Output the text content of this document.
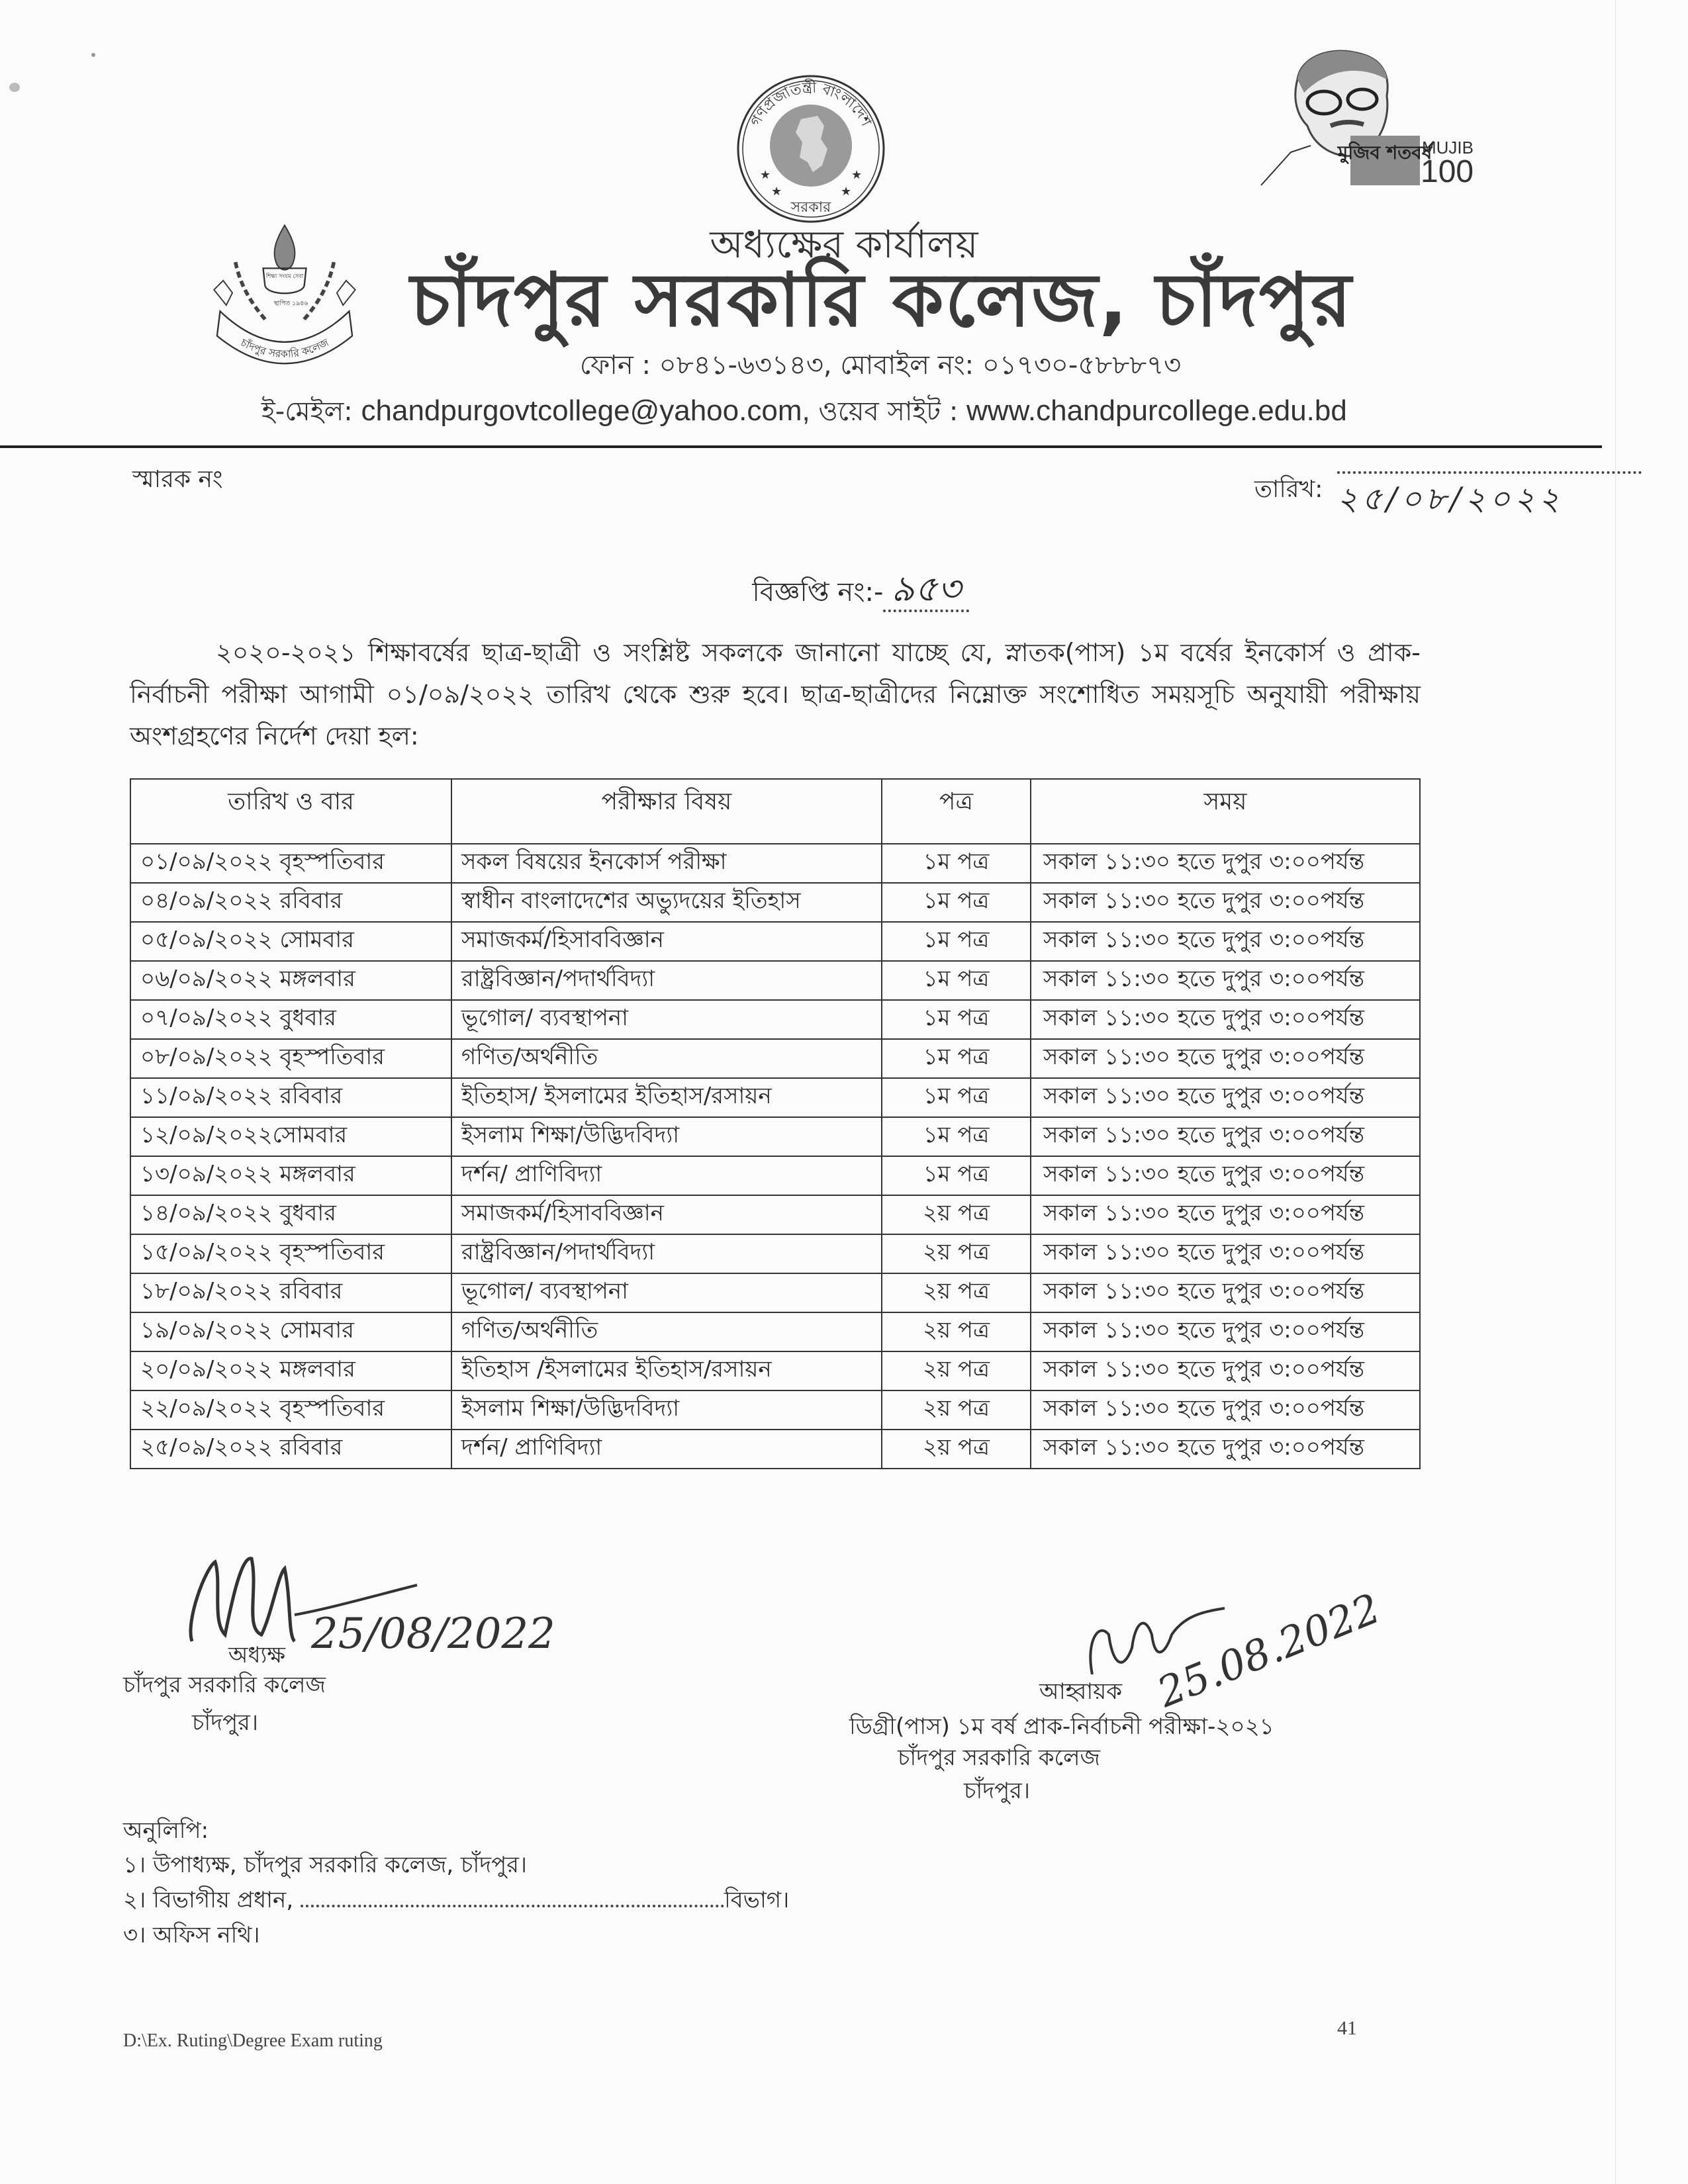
গণপ্রজাতন্ত্রী বাংলাদেশ
সরকার
★	★
★	★
শিক্ষা সংযম সেবা
স্থাপিত ১৯৪৬
চাঁদপুর সরকারি কলেজ
মুজিব শতবর্ষ
MUJIB
100
অধ্যক্ষের কার্যালয়
চাঁদপুর সরকারি কলেজ, চাঁদপুর
ফোন : ০৮৪১-৬৩১৪৩, মোবাইল নং: ০১৭৩০-৫৮৮৮৭৩
ই-মেইল: chandpurgovtcollege@yahoo.com, ওয়েব সাইট : www.chandpurcollege.edu.bd
স্মারক নং	তারিখ: ২৫/০৮/২০২২
বিজ্ঞপ্তি নং:- ৯৫৩
২০২০-২০২১ শিক্ষাবর্ষের ছাত্র-ছাত্রী ও সংশ্লিষ্ট সকলকে জানানো যাচ্ছে যে, স্নাতক(পাস) ১ম বর্ষের ইনকোর্স ও প্রাক-নির্বাচনী পরীক্ষা আগামী ০১/০৯/২০২২ তারিখ থেকে শুরু হবে। ছাত্র-ছাত্রীদের নিম্নোক্ত সংশোধিত সময়সূচি অনুযায়ী পরীক্ষায় অংশগ্রহণের নির্দেশ দেয়া হল:
তারিখ ও বার	পরীক্ষার বিষয়	পত্র	সময়
০১/০৯/২০২২ বৃহস্পতিবার	সকল বিষয়ের ইনকোর্স পরীক্ষা	১ম পত্র	সকাল ১১:৩০ হতে দুপুর ৩:০০পর্যন্ত
০৪/০৯/২০২২ রবিবার	স্বাধীন বাংলাদেশের অভ্যুদয়ের ইতিহাস	১ম পত্র	সকাল ১১:৩০ হতে দুপুর ৩:০০পর্যন্ত
০৫/০৯/২০২২ সোমবার	সমাজকর্ম/হিসাববিজ্ঞান	১ম পত্র	সকাল ১১:৩০ হতে দুপুর ৩:০০পর্যন্ত
০৬/০৯/২০২২ মঙ্গলবার	রাষ্ট্রবিজ্ঞান/পদার্থবিদ্যা	১ম পত্র	সকাল ১১:৩০ হতে দুপুর ৩:০০পর্যন্ত
০৭/০৯/২০২২ বুধবার	ভূগোল/ ব্যবস্থাপনা	১ম পত্র	সকাল ১১:৩০ হতে দুপুর ৩:০০পর্যন্ত
০৮/০৯/২০২২ বৃহস্পতিবার	গণিত/অর্থনীতি	১ম পত্র	সকাল ১১:৩০ হতে দুপুর ৩:০০পর্যন্ত
১১/০৯/২০২২ রবিবার	ইতিহাস/ ইসলামের ইতিহাস/রসায়ন	১ম পত্র	সকাল ১১:৩০ হতে দুপুর ৩:০০পর্যন্ত
১২/০৯/২০২২সোমবার	ইসলাম শিক্ষা/উদ্ভিদবিদ্যা	১ম পত্র	সকাল ১১:৩০ হতে দুপুর ৩:০০পর্যন্ত
১৩/০৯/২০২২ মঙ্গলবার	দর্শন/ প্রাণিবিদ্যা	১ম পত্র	সকাল ১১:৩০ হতে দুপুর ৩:০০পর্যন্ত
১৪/০৯/২০২২ বুধবার	সমাজকর্ম/হিসাববিজ্ঞান	২য় পত্র	সকাল ১১:৩০ হতে দুপুর ৩:০০পর্যন্ত
১৫/০৯/২০২২ বৃহস্পতিবার	রাষ্ট্রবিজ্ঞান/পদার্থবিদ্যা	২য় পত্র	সকাল ১১:৩০ হতে দুপুর ৩:০০পর্যন্ত
১৮/০৯/২০২২ রবিবার	ভূগোল/ ব্যবস্থাপনা	২য় পত্র	সকাল ১১:৩০ হতে দুপুর ৩:০০পর্যন্ত
১৯/০৯/২০২২ সোমবার	গণিত/অর্থনীতি	২য় পত্র	সকাল ১১:৩০ হতে দুপুর ৩:০০পর্যন্ত
২০/০৯/২০২২ মঙ্গলবার	ইতিহাস /ইসলামের ইতিহাস/রসায়ন	২য় পত্র	সকাল ১১:৩০ হতে দুপুর ৩:০০পর্যন্ত
২২/০৯/২০২২ বৃহস্পতিবার	ইসলাম শিক্ষা/উদ্ভিদবিদ্যা	২য় পত্র	সকাল ১১:৩০ হতে দুপুর ৩:০০পর্যন্ত
২৫/০৯/২০২২ রবিবার	দর্শন/ প্রাণিবিদ্যা	২য় পত্র	সকাল ১১:৩০ হতে দুপুর ৩:০০পর্যন্ত
25/08/2022
অধ্যক্ষ
চাঁদপুর সরকারি কলেজ
চাঁদপুর।
25.08.2022
আহ্বায়ক
ডিগ্রী(পাস) ১ম বর্ষ প্রাক-নির্বাচনী পরীক্ষা-২০২১
চাঁদপুর সরকারি কলেজ
চাঁদপুর।
অনুলিপি:
১। উপাধ্যক্ষ, চাঁদপুর সরকারি কলেজ, চাঁদপুর।
২। বিভাগীয় প্রধান,	বিভাগ।
৩। অফিস নথি।
D:\Ex. Ruting\Degree Exam ruting
41
